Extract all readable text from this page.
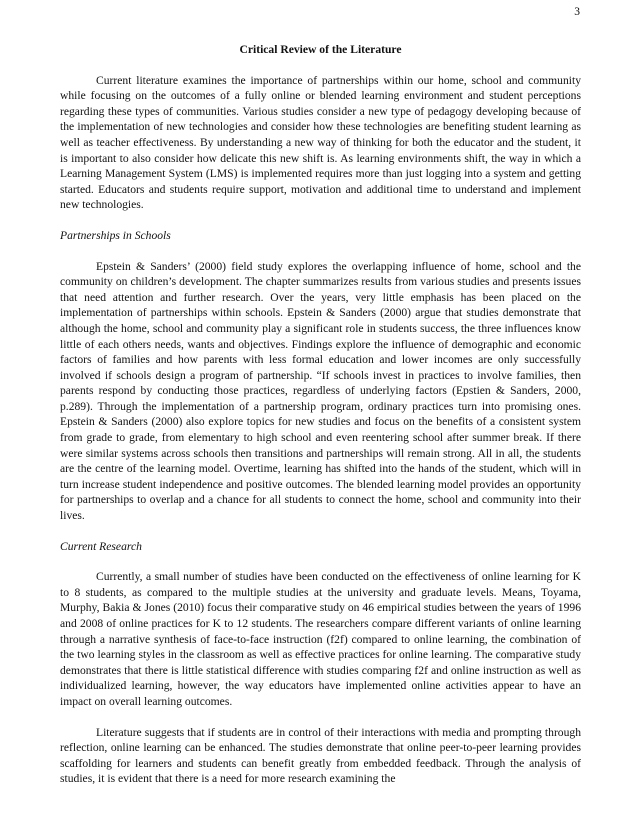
3
Critical Review of the Literature

Current literature examines the importance of partnerships within our home, school and community while focusing on the outcomes of a fully online or blended learning environment and student perceptions regarding these types of communities. Various studies consider a new type of pedagogy developing because of the implementation of new technologies and consider how these technologies are benefiting student learning as well as teacher effectiveness. By understanding a new way of thinking for both the educator and the student, it is important to also consider how delicate this new shift is. As learning environments shift, the way in which a Learning Management System (LMS) is implemented requires more than just logging into a system and getting started. Educators and students require support, motivation and additional time to understand and implement new technologies.

Partnerships in Schools

Epstein & Sanders’ (2000) field study explores the overlapping influence of home, school and the community on children’s development. The chapter summarizes results from various studies and presents issues that need attention and further research. Over the years, very little emphasis has been placed on the implementation of partnerships within schools. Epstein & Sanders (2000) argue that studies demonstrate that although the home, school and community play a significant role in students success, the three influences know little of each others needs, wants and objectives. Findings explore the influence of demographic and economic factors of families and how parents with less formal education and lower incomes are only successfully involved if schools design a program of partnership. “If schools invest in practices to involve families, then parents respond by conducting those practices, regardless of underlying factors (Epstien & Sanders, 2000, p.289). Through the implementation of a partnership program, ordinary practices turn into promising ones. Epstein & Sanders (2000) also explore topics for new studies and focus on the benefits of a consistent system from grade to grade, from elementary to high school and even reentering school after summer break. If there were similar systems across schools then transitions and partnerships will remain strong. All in all, the students are the centre of the learning model. Overtime, learning has shifted into the hands of the student, which will in turn increase student independence and positive outcomes. The blended learning model provides an opportunity for partnerships to overlap and a chance for all students to connect the home, school and community into their lives.

Current Research

Currently, a small number of studies have been conducted on the effectiveness of online learning for K to 8 students, as compared to the multiple studies at the university and graduate levels. Means, Toyama, Murphy, Bakia & Jones (2010) focus their comparative study on 46 empirical studies between the years of 1996 and 2008 of online practices for K to 12 students. The researchers compare different variants of online learning through a narrative synthesis of face-to-face instruction (f2f) compared to online learning, the combination of the two learning styles in the classroom as well as effective practices for online learning. The comparative study demonstrates that there is little statistical difference with studies comparing f2f and online instruction as well as individualized learning, however, the way educators have implemented online activities appear to have an impact on overall learning outcomes.

Literature suggests that if students are in control of their interactions with media and prompting through reflection, online learning can be enhanced. The studies demonstrate that online peer-to-peer learning provides scaffolding for learners and students can benefit greatly from embedded feedback. Through the analysis of studies, it is evident that there is a need for more research examining the
